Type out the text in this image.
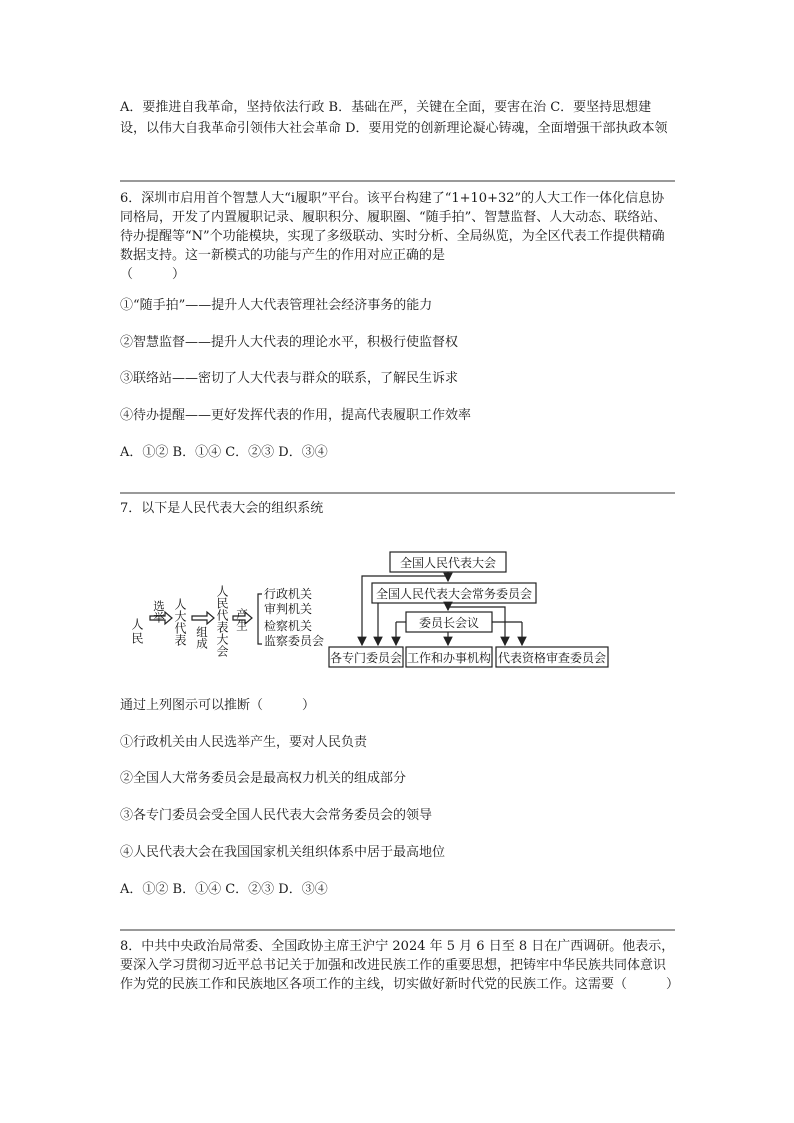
A．要推进自我革命，坚持依法行政 B．基础在严，关键在全面，要害在治 C．要坚持思想建设，以伟大自我革命引领伟大社会革命 D．要用党的创新理论凝心铸魂，全面增强干部执政本领

6．深圳市启用首个智慧人大“i履职”平台。该平台构建了“1+10+32”的人大工作一体化信息协同格局，开发了内置履职记录、履职积分、履职圈、“随手拍”、智慧监督、人大动态、联络站、待办提醒等“N”个功能模块，实现了多级联动、实时分析、全局纵览，为全区代表工作提供精确数据支持。这一新模式的功能与产生的作用对应正确的是
（　　　）

①“随手拍”——提升人大代表管理社会经济事务的能力
②智慧监督——提升人大代表的理论水平，积极行使监督权
③联络站——密切了人大代表与群众的联系，了解民生诉求
④待办提醒——更好发挥代表的作用，提高代表履职工作效率
A．①② B．①④ C．②③ D．③④
7．以下是人民代表大会的组织系统
人民
选举 人大代表 组成 人民代表大会 产生
行政机关
审判机关
检察机关
监察委员会
全国人民代表大会
全国人民代表大会常务委员会
委员长会议
各专门委员会 工作和办事机构 代表资格审查委员会
通过上列图示可以推断（　　　）
①行政机关由人民选举产生，要对人民负责
②全国人大常务委员会是最高权力机关的组成部分
③各专门委员会受全国人民代表大会常务委员会的领导
④人民代表大会在我国国家机关组织体系中居于最高地位
A．①② B．①④ C．②③ D．③④

8．中共中央政治局常委、全国政协主席王沪宁 2024 年 5 月 6 日至 8 日在广西调研。他表示，要深入学习贯彻习近平总书记关于加强和改进民族工作的重要思想，把铸牢中华民族共同体意识作为党的民族工作和民族地区各项工作的主线，切实做好新时代党的民族工作。这需要（　　　）
